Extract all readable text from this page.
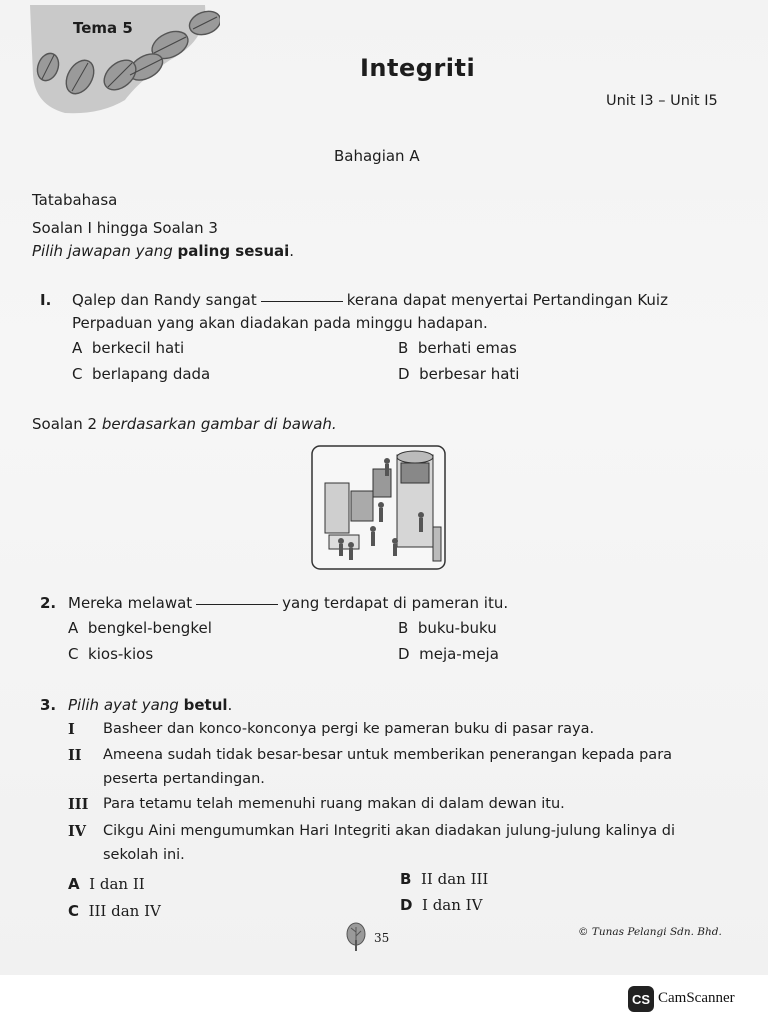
Tema 5
Integriti
Unit I3 – Unit I5
Bahagian A
Tatabahasa
Soalan I hingga Soalan 3
Pilih jawapan yang paling sesuai.
I. Qalep dan Randy sangat	kerana dapat menyertai Pertandingan Kuiz
Perpaduan yang akan diadakan pada minggu hadapan.
A berkecil hati	B berhati emas
C berlapang dada	D berbesar hati
Soalan 2 berdasarkan gambar di bawah.
2. Mereka melawat	yang terdapat di pameran itu.
A bengkel-bengkel	B buku-buku
C kios-kios	D meja-meja
3. Pilih ayat yang betul.
I Basheer dan konco-konconya pergi ke pameran buku di pasar raya.
II Ameena sudah tidak besar-besar untuk memberikan penerangan kepada para
peserta pertandingan.
III Para tetamu telah memenuhi ruang makan di dalam dewan itu.
IV Cikgu Aini mengumumkan Hari Integriti akan diadakan julung-julung kalinya di
sekolah ini.
A I dan II	B II dan III
C III dan IV	D I dan IV
35	© Tunas Pelangi Sdn. Bhd.
CS CamScanner
